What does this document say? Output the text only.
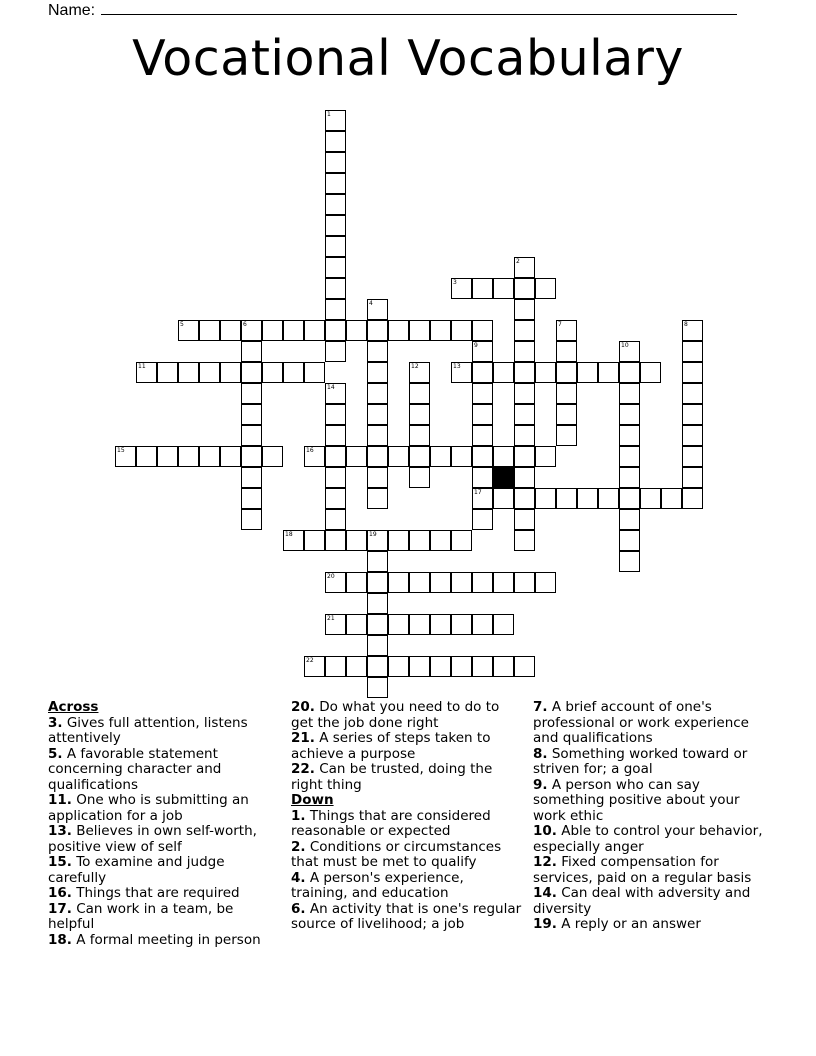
Name:
Vocational Vocabulary
3
5	6
11	13
15	16
17
18	19
20
21
22
1
2
4
7	8
9	10
12
14
Across
3. Gives full attention, listens attentively
5. A favorable statement concerning character and qualifications
11. One who is submitting an application for a job
13. Believes in own self-worth, positive view of self
15. To examine and judge carefully
16. Things that are required
17. Can work in a team, be helpful
18. A formal meeting in person
20. Do what you need to do to get the job done right
21. A series of steps taken to achieve a purpose
22. Can be trusted, doing the right thing
Down
1. Things that are considered reasonable or expected
2. Conditions or circumstances that must be met to qualify
4. A person's experience, training, and education
6. An activity that is one's regular source of livelihood; a job
7. A brief account of one's professional or work experience and qualifications
8. Something worked toward or striven for; a goal
9. A person who can say something positive about your work ethic
10. Able to control your behavior, especially anger
12. Fixed compensation for services, paid on a regular basis
14. Can deal with adversity and diversity
19. A reply or an answer
